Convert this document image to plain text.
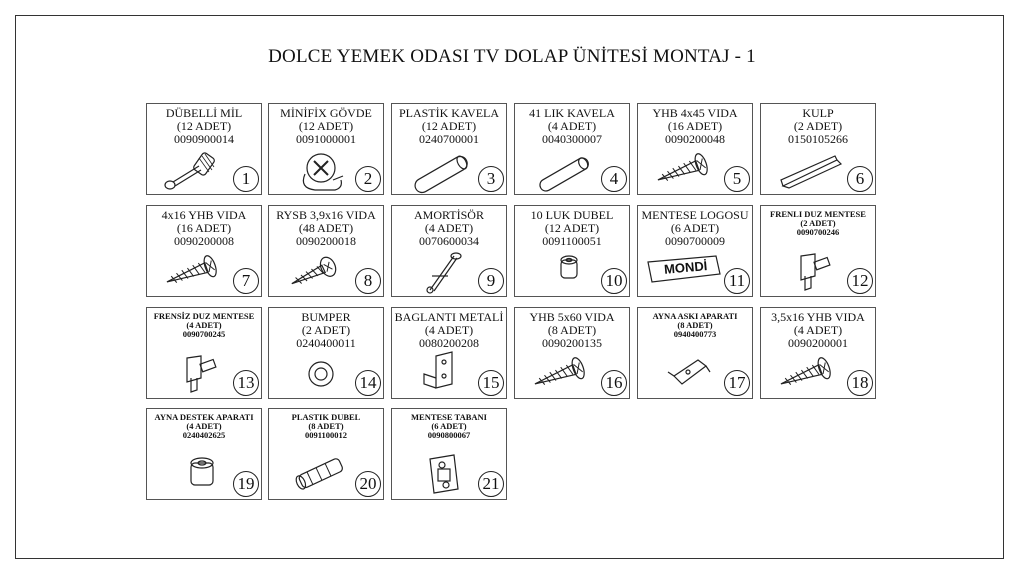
DOLCE YEMEK ODASI TV DOLAP ÜNİTESİ MONTAJ - 1
DÜBELLİ MİL
(12 ADET)
0090900014
1
MİNİFİX GÖVDE
(12 ADET)
0091000001
2
PLASTİK KAVELA
(12 ADET)
0240700001
3
41 LIK KAVELA
(4 ADET)
0040300007
4
YHB 4x45 VIDA
(16 ADET)
0090200048
5
KULP
(2 ADET)
0150105266
6
4x16 YHB VIDA
(16 ADET)
0090200008
7
RYSB 3,9x16 VIDA
(48 ADET)
0090200018
8
AMORTİSÖR
(4 ADET)
0070600034
9
10 LUK DUBEL
(12 ADET)
0091100051
10
MENTESE LOGOSU
(6 ADET)
0090700009
MONDİ
11
FRENLI DUZ MENTESE
(2 ADET)
0090700246
12
FRENSİZ DUZ MENTESE
(4 ADET)
0090700245
13
BUMPER
(2 ADET)
0240400011
14
BAGLANTI METALİ
(4 ADET)
0080200208
15
YHB 5x60 VIDA
(8 ADET)
0090200135
16
AYNA ASKI APARATI
(8 ADET)
0940400773
17
3,5x16 YHB VIDA
(4 ADET)
0090200001
18
AYNA DESTEK APARATI
(4 ADET)
0240402625
19
PLASTIK DUBEL
(8 ADET)
0091100012
20
MENTESE TABANI
(6 ADET)
0090800067
21
